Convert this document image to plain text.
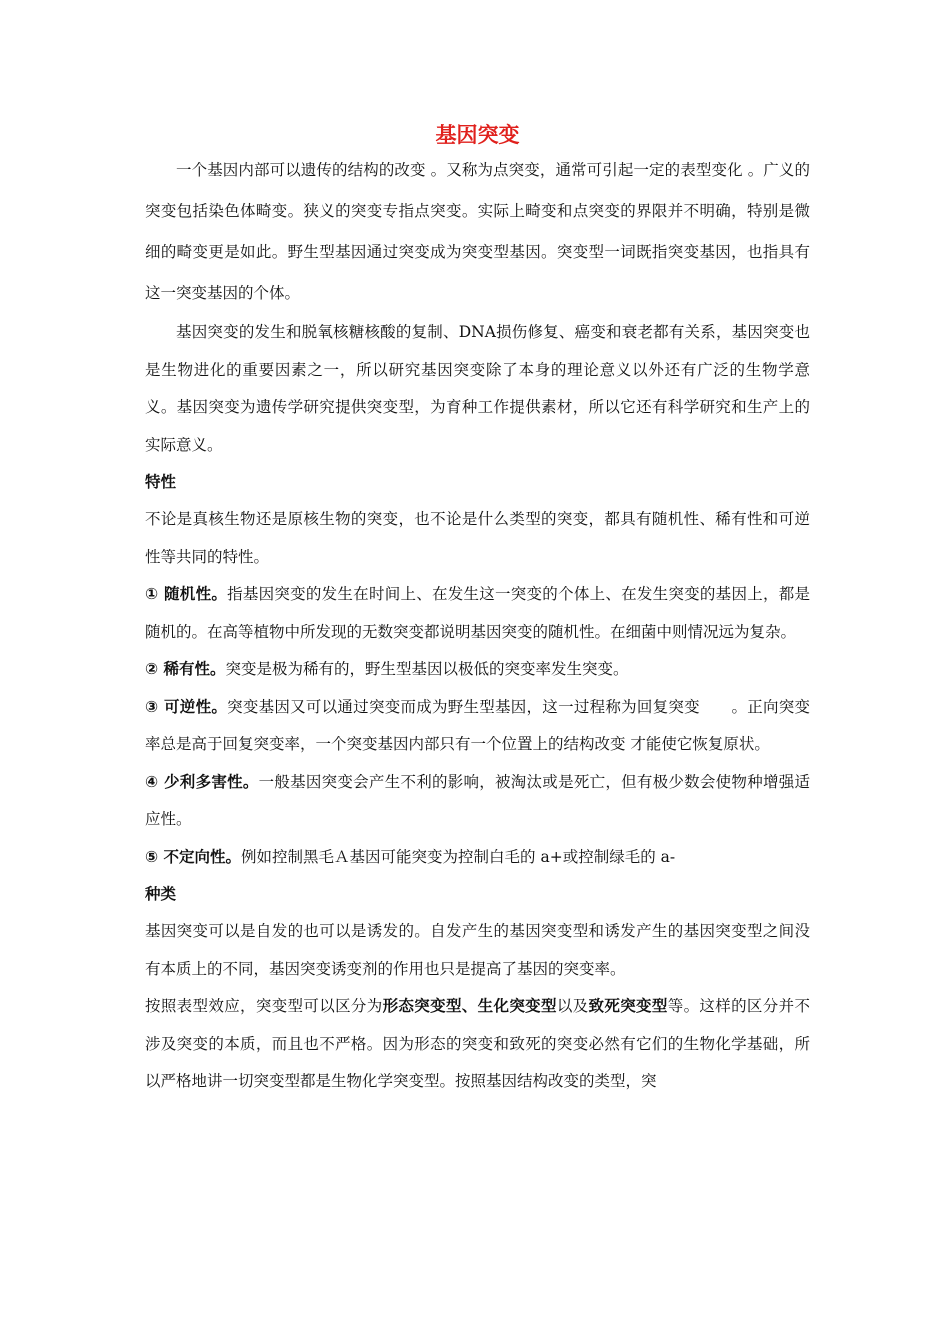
基因突变

一个基因内部可以遗传的结构的改变 。又称为点突变，通常可引起一定的表型变化 。广义的突变包括染色体畸变。狭义的突变专指点突变。实际上畸变和点突变的界限并不明确，特别是微细的畸变更是如此。野生型基因通过突变成为突变型基因。突变型一词既指突变基因，也指具有这一突变基因的个体。

基因突变的发生和脱氧核糖核酸的复制、DNA损伤修复、癌变和衰老都有关系，基因突变也是生物进化的重要因素之一，所以研究基因突变除了本身的理论意义以外还有广泛的生物学意义。基因突变为遗传学研究提供突变型，为育种工作提供素材，所以它还有科学研究和生产上的实际意义。

特性

不论是真核生物还是原核生物的突变，也不论是什么类型的突变，都具有随机性、稀有性和可逆性等共同的特性。

① 随机性。指基因突变的发生在时间上、在发生这一突变的个体上、在发生突变的基因上，都是随机的。在高等植物中所发现的无数突变都说明基因突变的随机性。在细菌中则情况远为复杂。

② 稀有性。突变是极为稀有的，野生型基因以极低的突变率发生突变。

③ 可逆性。突变基因又可以通过突变而成为野生型基因，这一过程称为回复突变　　。正向突变率总是高于回复突变率，一个突变基因内部只有一个位置上的结构改变 才能使它恢复原状。

④ 少利多害性。一般基因突变会产生不利的影响，被淘汰或是死亡，但有极少数会使物种增强适应性。

⑤ 不定向性。例如控制黑毛Ａ基因可能突变为控制白毛的 a+或控制绿毛的 a-

种类

基因突变可以是自发的也可以是诱发的。自发产生的基因突变型和诱发产生的基因突变型之间没有本质上的不同，基因突变诱变剂的作用也只是提高了基因的突变率。

按照表型效应，突变型可以区分为形态突变型、生化突变型以及致死突变型等。这样的区分并不涉及突变的本质，而且也不严格。因为形态的突变和致死的突变必然有它们的生物化学基础，所以严格地讲一切突变型都是生物化学突变型。按照基因结构改变的类型，突
